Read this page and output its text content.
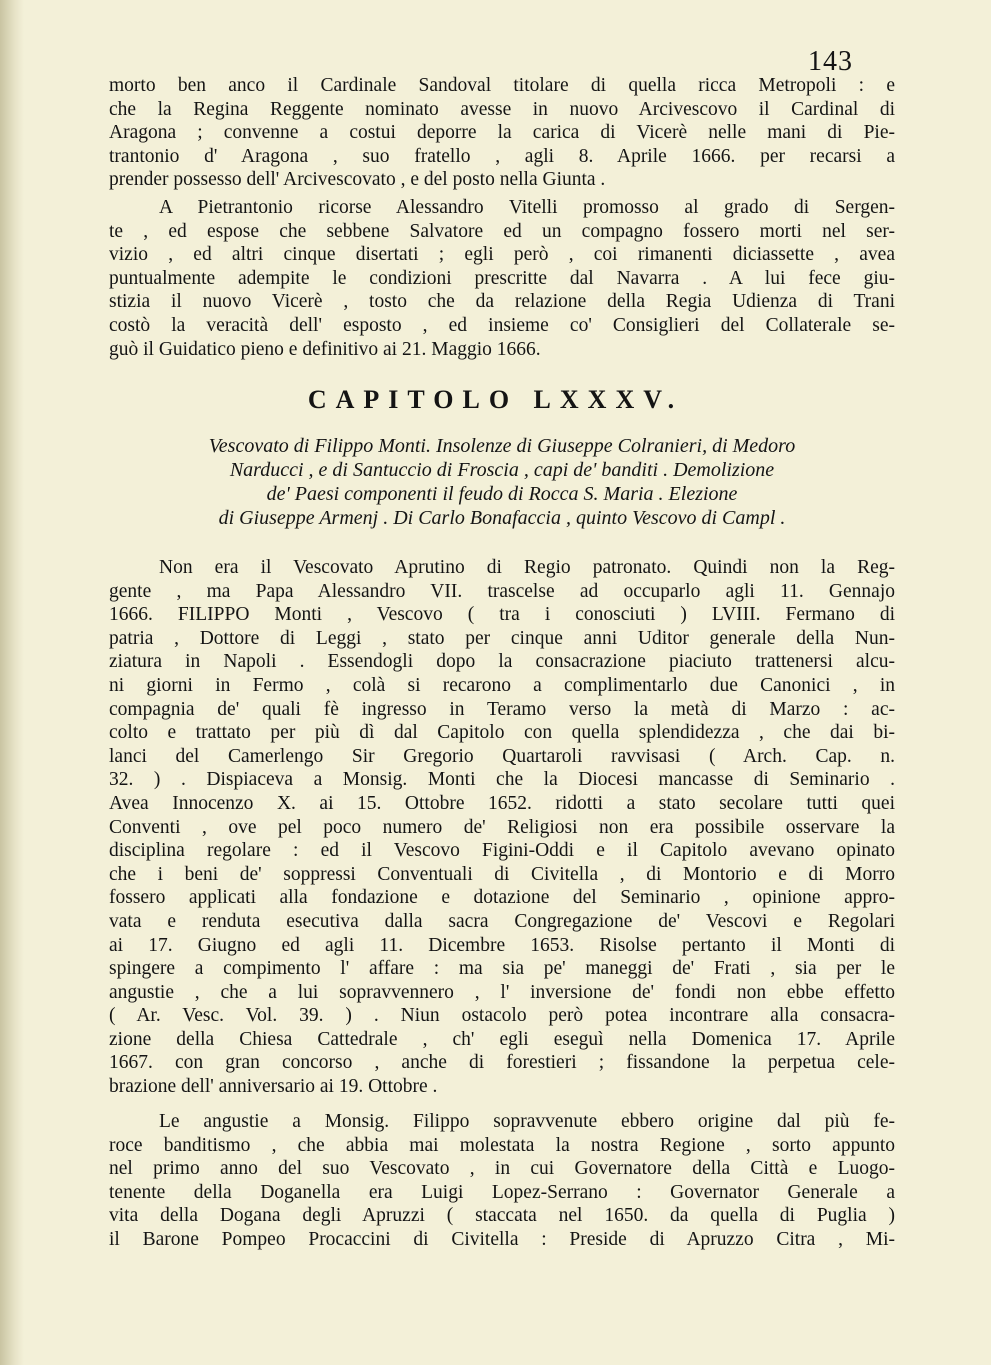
143
morto ben anco il Cardinale Sandoval titolare di quella ricca Metropoli : e
che la Regina Reggente nominato avesse in nuovo Arcivescovo il Cardinal di
Aragona ; convenne a costui deporre la carica di Vicerè nelle mani di Pie-
trantonio d' Aragona , suo fratello , agli 8. Aprile 1666. per recarsi a
prender possesso dell' Arcivescovato , e del posto nella Giunta .
A Pietrantonio ricorse Alessandro Vitelli promosso al grado di Sergen-
te , ed espose che sebbene Salvatore ed un compagno fossero morti nel ser-
vizio , ed altri cinque disertati ; egli però , coi rimanenti diciassette , avea
puntualmente adempite le condizioni prescritte dal Navarra . A lui fece giu-
stizia il nuovo Vicerè , tosto che da relazione della Regia Udienza di Trani
costò la veracità dell' esposto , ed insieme co' Consiglieri del Collaterale se-
guò il Guidatico pieno e definitivo ai 21. Maggio 1666.
CAPITOLO LXXXV.
Vescovato di Filippo Monti. Insolenze di Giuseppe Colranieri, di Medoro
Narducci , e di Santuccio di Froscia , capi de' banditi . Demolizione
de' Paesi componenti il feudo di Rocca S. Maria . Elezione
di Giuseppe Armenj . Di Carlo Bonafaccia , quinto Vescovo di Campl .
Non era il Vescovato Aprutino di Regio patronato. Quindi non la Reg-
gente , ma Papa Alessandro VII. trascelse ad occuparlo agli 11. Gennajo
1666. FILIPPO Monti , Vescovo ( tra i conosciuti ) LVIII. Fermano di
patria , Dottore di Leggi , stato per cinque anni Uditor generale della Nun-
ziatura in Napoli . Essendogli dopo la consacrazione piaciuto trattenersi alcu-
ni giorni in Fermo , colà si recarono a complimentarlo due Canonici , in
compagnia de' quali fè ingresso in Teramo verso la metà di Marzo : ac-
colto e trattato per più dì dal Capitolo con quella splendidezza , che dai bi-
lanci del Camerlengo Sir Gregorio Quartaroli ravvisasi ( Arch. Cap. n.
32. ) . Dispiaceva a Monsig. Monti che la Diocesi mancasse di Seminario .
Avea Innocenzo X. ai 15. Ottobre 1652. ridotti a stato secolare tutti quei
Conventi , ove pel poco numero de' Religiosi non era possibile osservare la
disciplina regolare : ed il Vescovo Figini-Oddi e il Capitolo avevano opinato
che i beni de' soppressi Conventuali di Civitella , di Montorio e di Morro
fossero applicati alla fondazione e dotazione del Seminario , opinione appro-
vata e renduta esecutiva dalla sacra Congregazione de' Vescovi e Regolari
ai 17. Giugno ed agli 11. Dicembre 1653. Risolse pertanto il Monti di
spingere a compimento l' affare : ma sia pe' maneggi de' Frati , sia per le
angustie , che a lui sopravvennero , l' inversione de' fondi non ebbe effetto
( Ar. Vesc. Vol. 39. ) . Niun ostacolo però potea incontrare alla consacra-
zione della Chiesa Cattedrale , ch' egli eseguì nella Domenica 17. Aprile
1667. con gran concorso , anche di forestieri ; fissandone la perpetua cele-
brazione dell' anniversario ai 19. Ottobre .
Le angustie a Monsig. Filippo sopravvenute ebbero origine dal più fe-
roce banditismo , che abbia mai molestata la nostra Regione , sorto appunto
nel primo anno del suo Vescovato , in cui Governatore della Città e Luogo-
tenente della Doganella era Luigi Lopez-Serrano : Governator Generale a
vita della Dogana degli Apruzzi ( staccata nel 1650. da quella di Puglia )
il Barone Pompeo Procaccini di Civitella : Preside di Apruzzo Citra , Mi-
